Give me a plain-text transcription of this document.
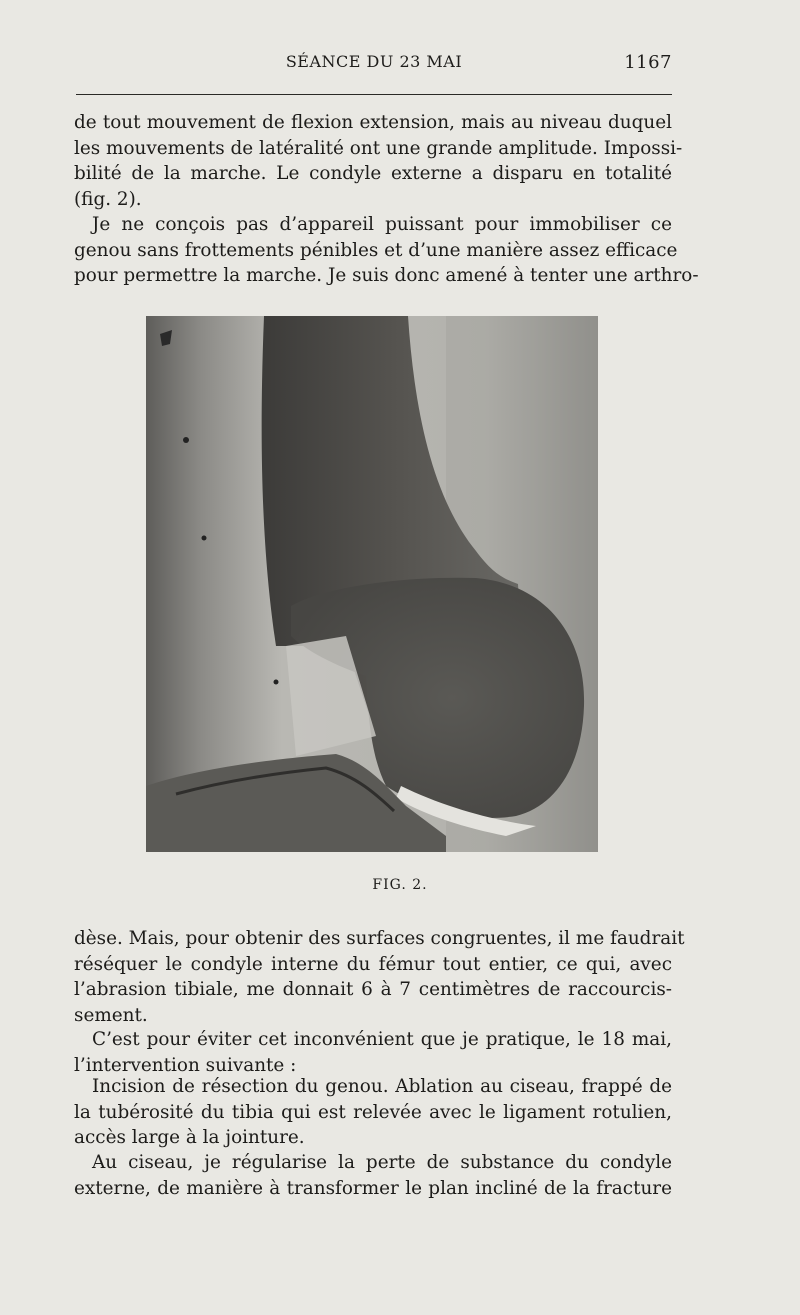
SÉANCE DU 23 MAI	1167

de tout mouvement de flexion extension, mais au niveau duquel
les mouvements de latéralité ont une grande amplitude. Impossi-
bilité de la marche. Le condyle externe a disparu en totalité
(fig. 2).

Je ne conçois pas d’appareil puissant pour immobiliser ce
genou sans frottements pénibles et d’une manière assez efficace
pour permettre la marche. Je suis donc amené à tenter une arthro-

FIG. 2.

dèse. Mais, pour obtenir des surfaces congruentes, il me faudrait
réséquer le condyle interne du fémur tout entier, ce qui, avec
l’abrasion tibiale, me donnait 6 à 7 centimètres de raccourcis-
sement.

C’est pour éviter cet inconvénient que je pratique, le 18 mai,
l’intervention suivante :

Incision de résection du genou. Ablation au ciseau, frappé de
la tubérosité du tibia qui est relevée avec le ligament rotulien,
accès large à la jointure.

Au ciseau, je régularise la perte de substance du condyle
externe, de manière à transformer le plan incliné de la fracture
